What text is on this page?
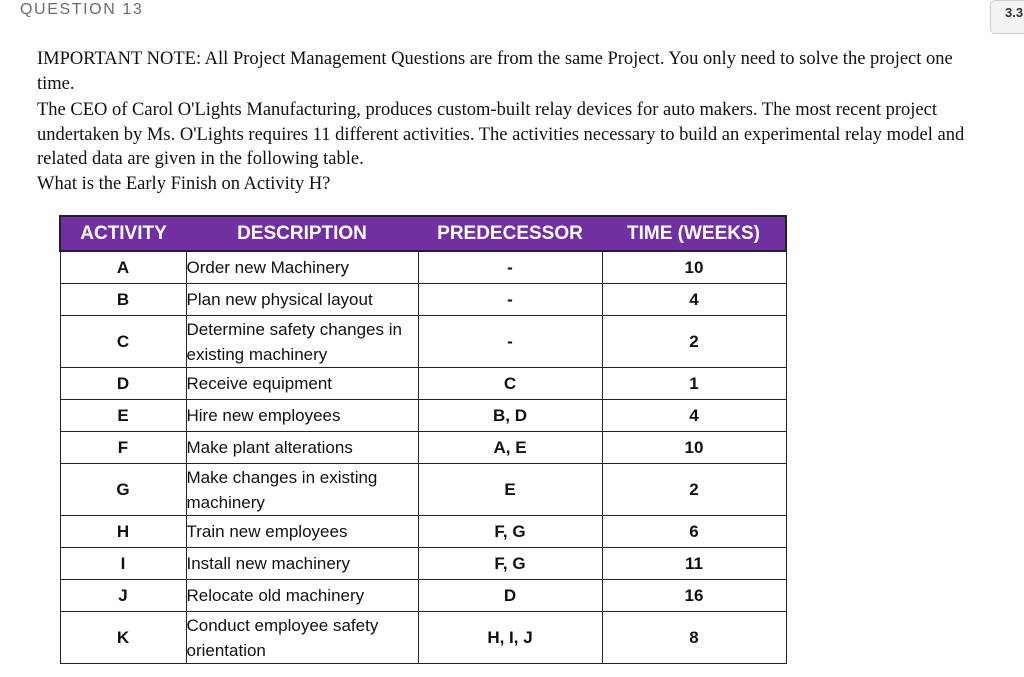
QUESTION 13	3.3

IMPORTANT NOTE: All Project Management Questions are from the same Project. You only need to solve the project one time.

The CEO of Carol O'Lights Manufacturing, produces custom-built relay devices for auto makers. The most recent project undertaken by Ms. O'Lights requires 11 different activities. The activities necessary to build an experimental relay model and related data are given in the following table.

What is the Early Finish on Activity H?

ACTIVITY	DESCRIPTION	PREDECESSOR	TIME (WEEKS)
A	Order new Machinery	-	10
B	Plan new physical layout	-	4
C	Determine safety changes in existing machinery	-	2
D	Receive equipment	C	1
E	Hire new employees	B, D	4
F	Make plant alterations	A, E	10
G	Make changes in existing machinery	E	2
H	Train new employees	F, G	6
I	Install new machinery	F, G	11
J	Relocate old machinery	D	16
K	Conduct employee safety orientation	H, I, J	8
